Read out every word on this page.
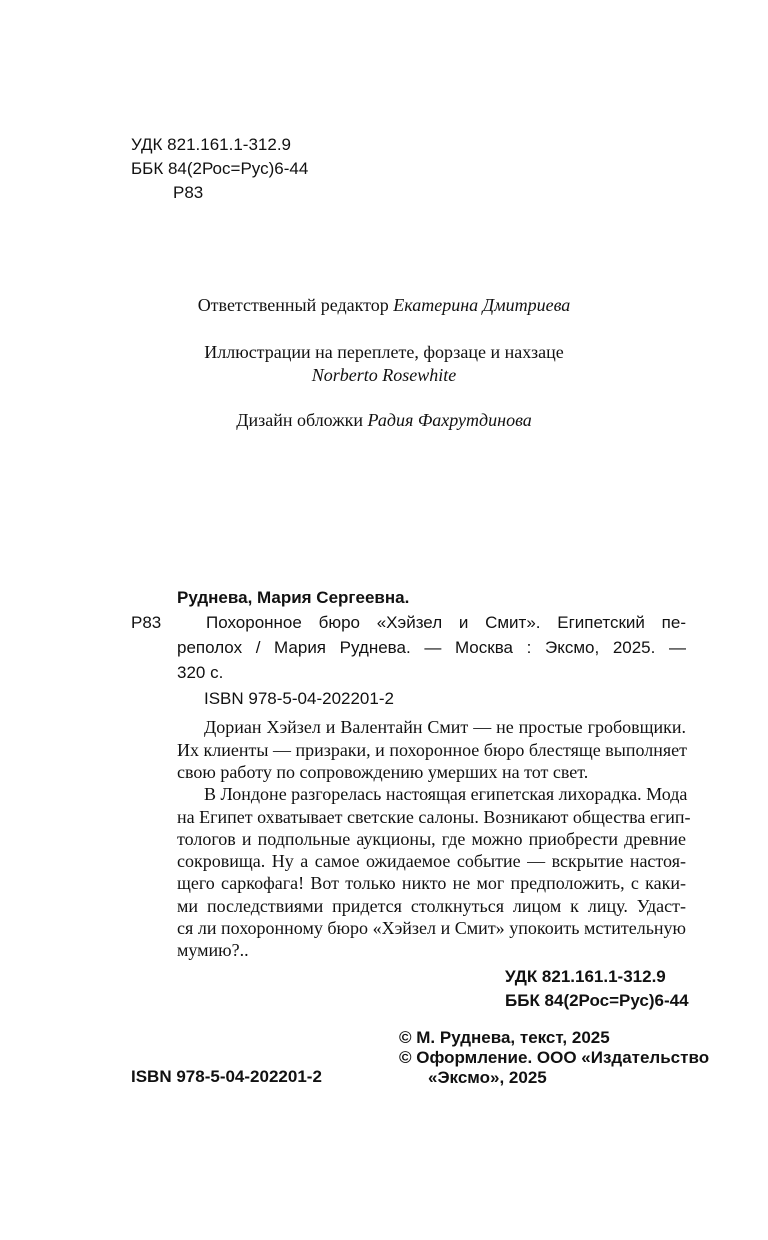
УДК 821.161.1-312.9
ББК 84(2Рос=Рус)6-44
Р83
Ответственный редактор Екатерина Дмитриева
Иллюстрации на переплете, форзаце и нахзаце
Norberto Rosewhite
Дизайн обложки Радия Фахрутдинова
Руднева, Мария Сергеевна.
Р83	Похоронное бюро «Хэйзел и Смит». Египетский пе-
реполох / Мария Руднева. — Москва : Эксмо, 2025. —
320 с.
ISBN 978-5-04-202201-2
Дориан Хэйзел и Валентайн Смит — не простые гробовщики.
Их клиенты — призраки, и похоронное бюро блестяще выполняет
свою работу по сопровождению умерших на тот свет.
В Лондоне разгорелась настоящая египетская лихорадка. Мода
на Египет охватывает светские салоны. Возникают общества егип-
тологов и подпольные аукционы, где можно приобрести древние
сокровища. Ну а самое ожидаемое событие — вскрытие настоя-
щего саркофага! Вот только никто не мог предположить, с каки-
ми последствиями придется столкнуться лицом к лицу. Удаст-
ся ли похоронному бюро «Хэйзел и Смит» упокоить мстительную
мумию?..
УДК 821.161.1-312.9
ББК 84(2Рос=Рус)6-44
ISBN 978-5-04-202201-2
© М. Руднева, текст, 2025
© Оформление. ООО «Издательство
«Эксмо», 2025
